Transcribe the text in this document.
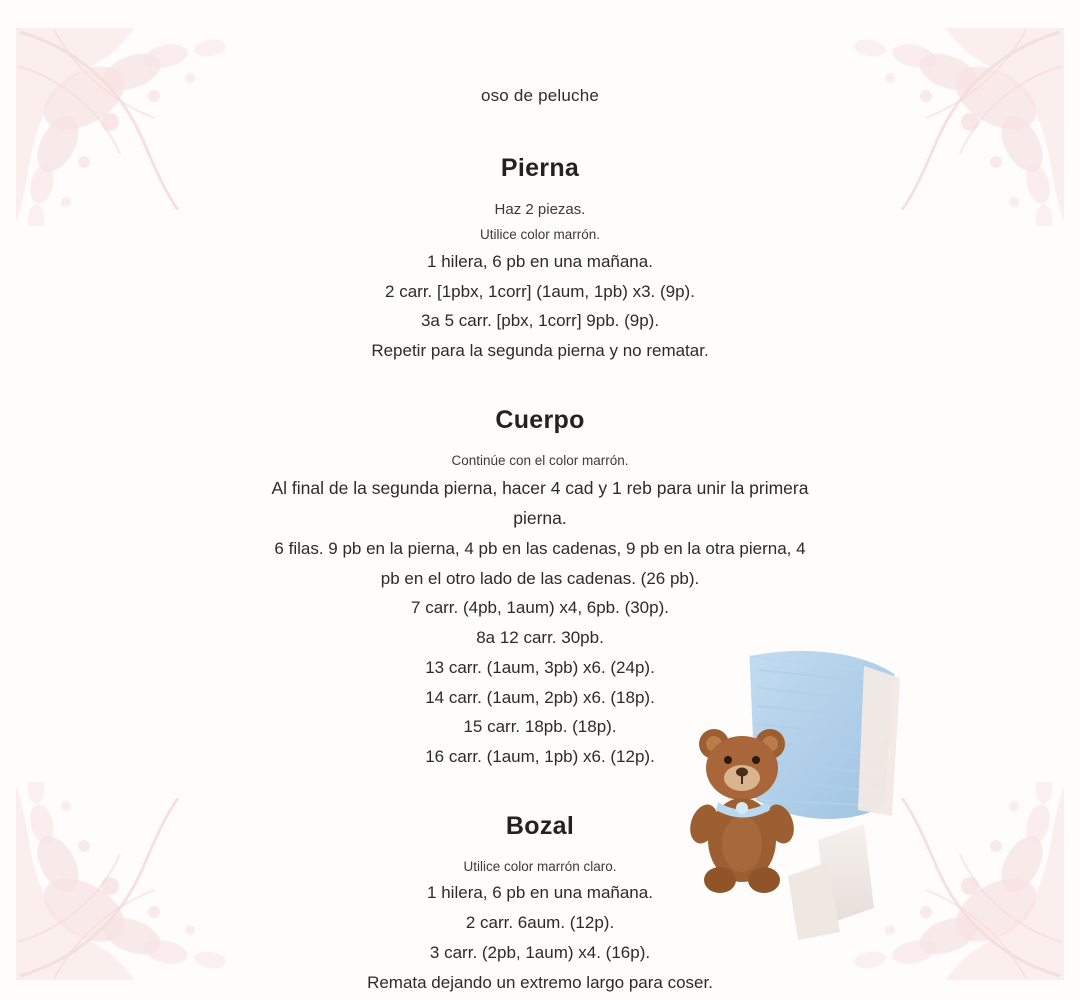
oso de peluche
Pierna

Haz 2 piezas.

Utilice color marrón.

1 hilera, 6 pb en una mañana.

2 carr. [1pbx, 1corr] (1aum, 1pb) x3. (9p).

3a 5 carr. [pbx, 1corr] 9pb. (9p).

Repetir para la segunda pierna y no rematar.

Cuerpo

Continúe con el color marrón.

Al final de la segunda pierna, hacer 4 cad y 1 reb para unir la primera pierna.

6 filas. 9 pb en la pierna, 4 pb en las cadenas, 9 pb en la otra pierna, 4 pb en el otro lado de las cadenas. (26 pb).

7 carr. (4pb, 1aum) x4, 6pb. (30p).

8a 12 carr. 30pb.

13 carr. (1aum, 3pb) x6. (24p).

14 carr. (1aum, 2pb) x6. (18p).

15 carr. 18pb. (18p).

16 carr. (1aum, 1pb) x6. (12p).

Bozal

Utilice color marrón claro.

1 hilera, 6 pb en una mañana.

2 carr. 6aum. (12p).

3 carr. (2pb, 1aum) x4. (16p).

Remata dejando un extremo largo para coser.
